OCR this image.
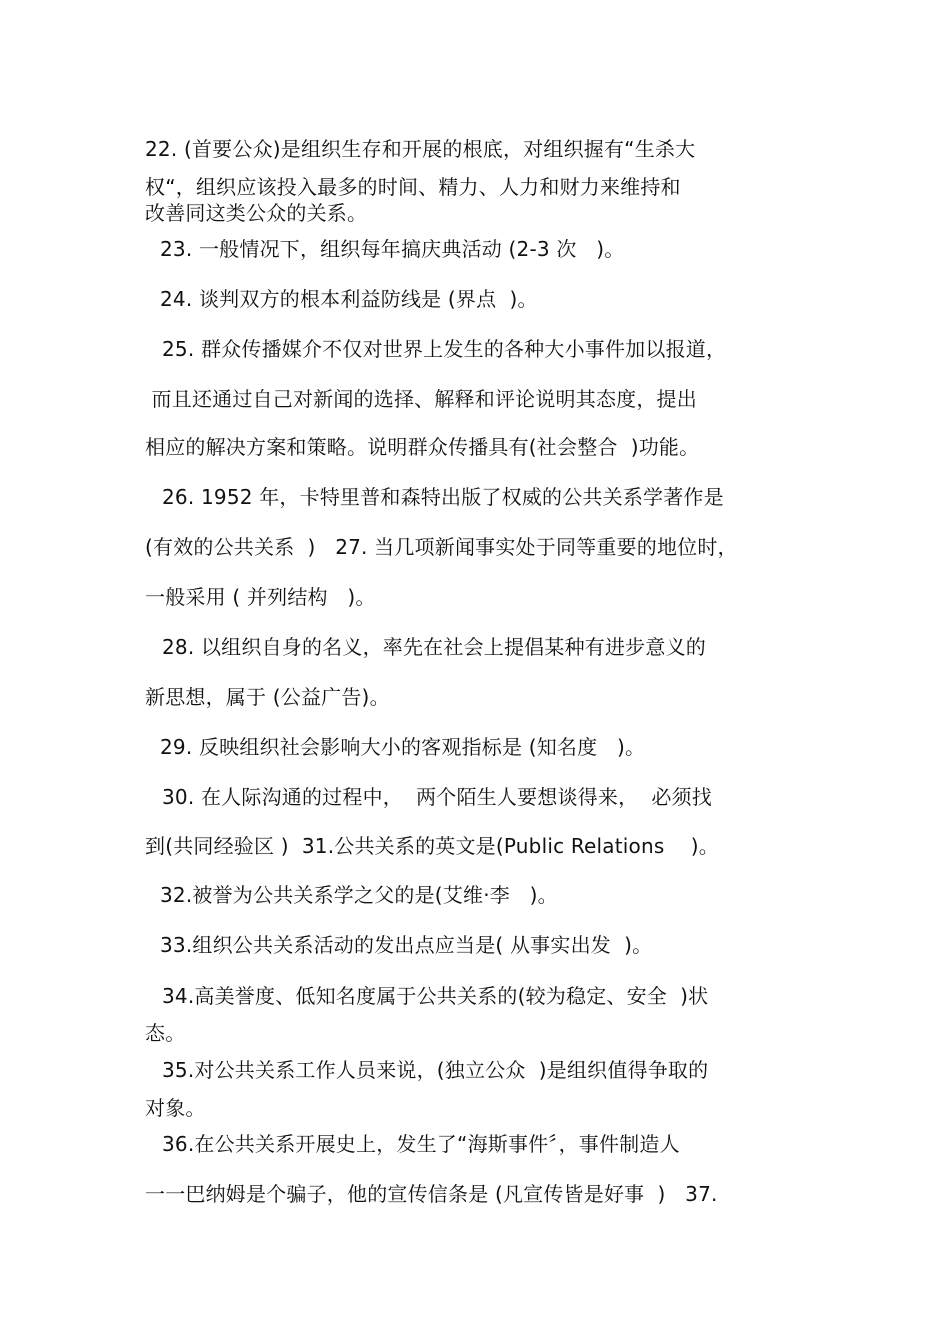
22. (首要公众)是组织生存和开展的根底，对组织握有“生杀大
权“，组织应该投入最多的时间、精力、人力和财力来维持和
改善同这类公众的关系。
23. 一般情况下，组织每年搞庆典活动 (2-3 次   )。
24. 谈判双方的根本利益防线是 (界点  )。
25. 群众传播媒介不仅对世界上发生的各种大小事件加以报道，
而且还通过自己对新闻的选择、解释和评论说明其态度，提出
相应的解决方案和策略。说明群众传播具有(社会整合  )功能。
26. 1952 年，卡特里普和森特出版了权威的公共关系学著作是
(有效的公共关系  )   27. 当几项新闻事实处于同等重要的地位时，
一般采用 ( 并列结构   )。
28. 以组织自身的名义，率先在社会上提倡某种有进步意义的
新思想，属于 (公益广告)。
29. 反映组织社会影响大小的客观指标是 (知名度   )。
30. 在人际沟通的过程中，  两个陌生人要想谈得来，  必须找
到(共同经验区 )  31.公共关系的英文是(Public Relations    )。
32.被誉为公共关系学之父的是(艾维·李   )。
33.组织公共关系活动的发出点应当是( 从事实出发  )。
34.高美誉度、低知名度属于公共关系的(较为稳定、安全  )状
态。
35.对公共关系工作人员来说，(独立公众  )是组织值得争取的
对象。
36.在公共关系开展史上，发生了“海斯事件〞，事件制造人
一一巴纳姆是个骗子，他的宣传信条是 (凡宣传皆是好事  )   37.
